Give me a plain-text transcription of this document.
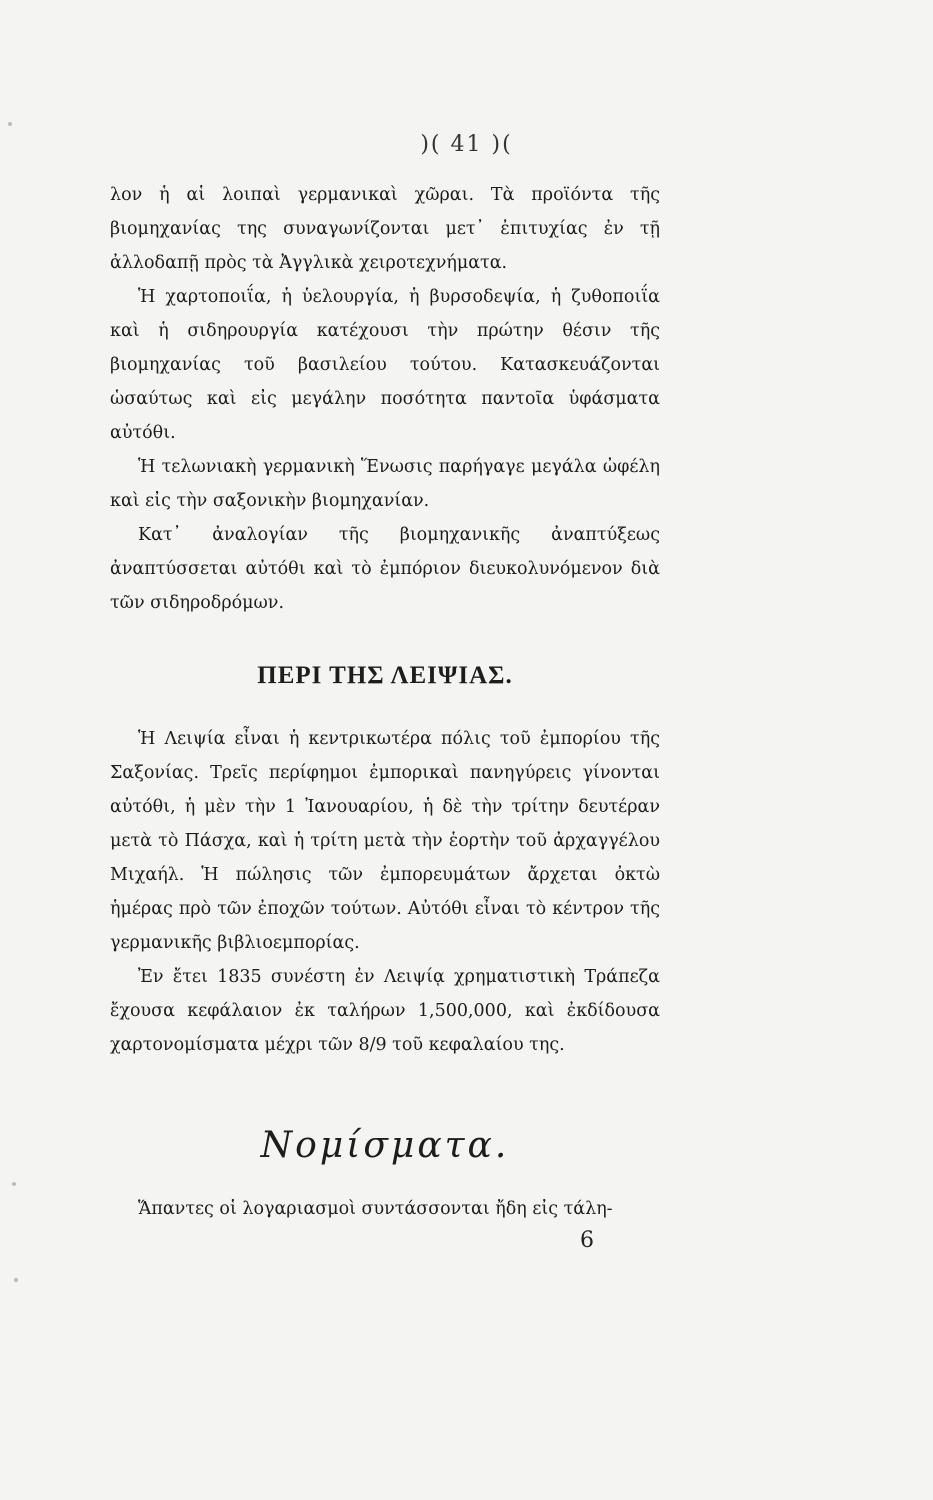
)( 41 )(

λον ἡ αἱ λοιπαὶ γερμανικαὶ χῶραι. Τὰ προϊόντα τῆς βιομηχανίας της συναγωνίζονται μετ᾽ ἐπιτυχίας ἐν τῇ ἀλλοδαπῇ πρὸς τὰ Ἀγγλικὰ χειροτεχνήματα.

Ἡ χαρτοποιΐα, ἡ ὑελουργία, ἡ βυρσοδεψία, ἡ ζυθοποιΐα καὶ ἡ σιδηρουργία κατέχουσι τὴν πρώτην θέσιν τῆς βιομηχανίας τοῦ βασιλείου τούτου. Κατασκευάζονται ὡσαύτως καὶ εἰς μεγάλην ποσότητα παντοῖα ὑφάσματα αὐτόθι.

Ἡ τελωνιακὴ γερμανικὴ Ἕνωσις παρήγαγε μεγάλα ὠφέλη καὶ εἰς τὴν σαξονικὴν βιομηχανίαν.

Κατ᾽ ἀναλογίαν τῆς βιομηχανικῆς ἀναπτύξεως ἀναπτύσσεται αὐτόθι καὶ τὸ ἐμπόριον διευκολυνόμενον διὰ τῶν σιδηροδρόμων.

ΠΕΡΙ ΤΗΣ ΛΕΙΨΙΑΣ.

Ἡ Λειψία εἶναι ἡ κεντρικωτέρα πόλις τοῦ ἐμπορίου τῆς Σαξονίας. Τρεῖς περίφημοι ἐμπορικαὶ πανηγύρεις γίνονται αὐτόθι, ἡ μὲν τὴν 1 Ἰανουαρίου, ἡ δὲ τὴν τρίτην δευτέραν μετὰ τὸ Πάσχα, καὶ ἡ τρίτη μετὰ τὴν ἑορτὴν τοῦ ἀρχαγγέλου Μιχαήλ. Ἡ πώλησις τῶν ἐμπορευμάτων ἄρχεται ὀκτὼ ἡμέρας πρὸ τῶν ἐποχῶν τούτων. Αὐτόθι εἶναι τὸ κέντρον τῆς γερμανικῆς βιβλιοεμπορίας.

Ἐν ἔτει 1835 συνέστη ἐν Λειψίᾳ χρηματιστικὴ Τράπεζα ἔχουσα κεφάλαιον ἐκ ταλήρων 1,500,000, καὶ ἐκδίδουσα χαρτονομίσματα μέχρι τῶν 8/9 τοῦ κεφαλαίου της.

Νομίσματα.

Ἅπαντες οἱ λογαριασμοὶ συντάσσονται ἤδη εἰς τάλη-

6
